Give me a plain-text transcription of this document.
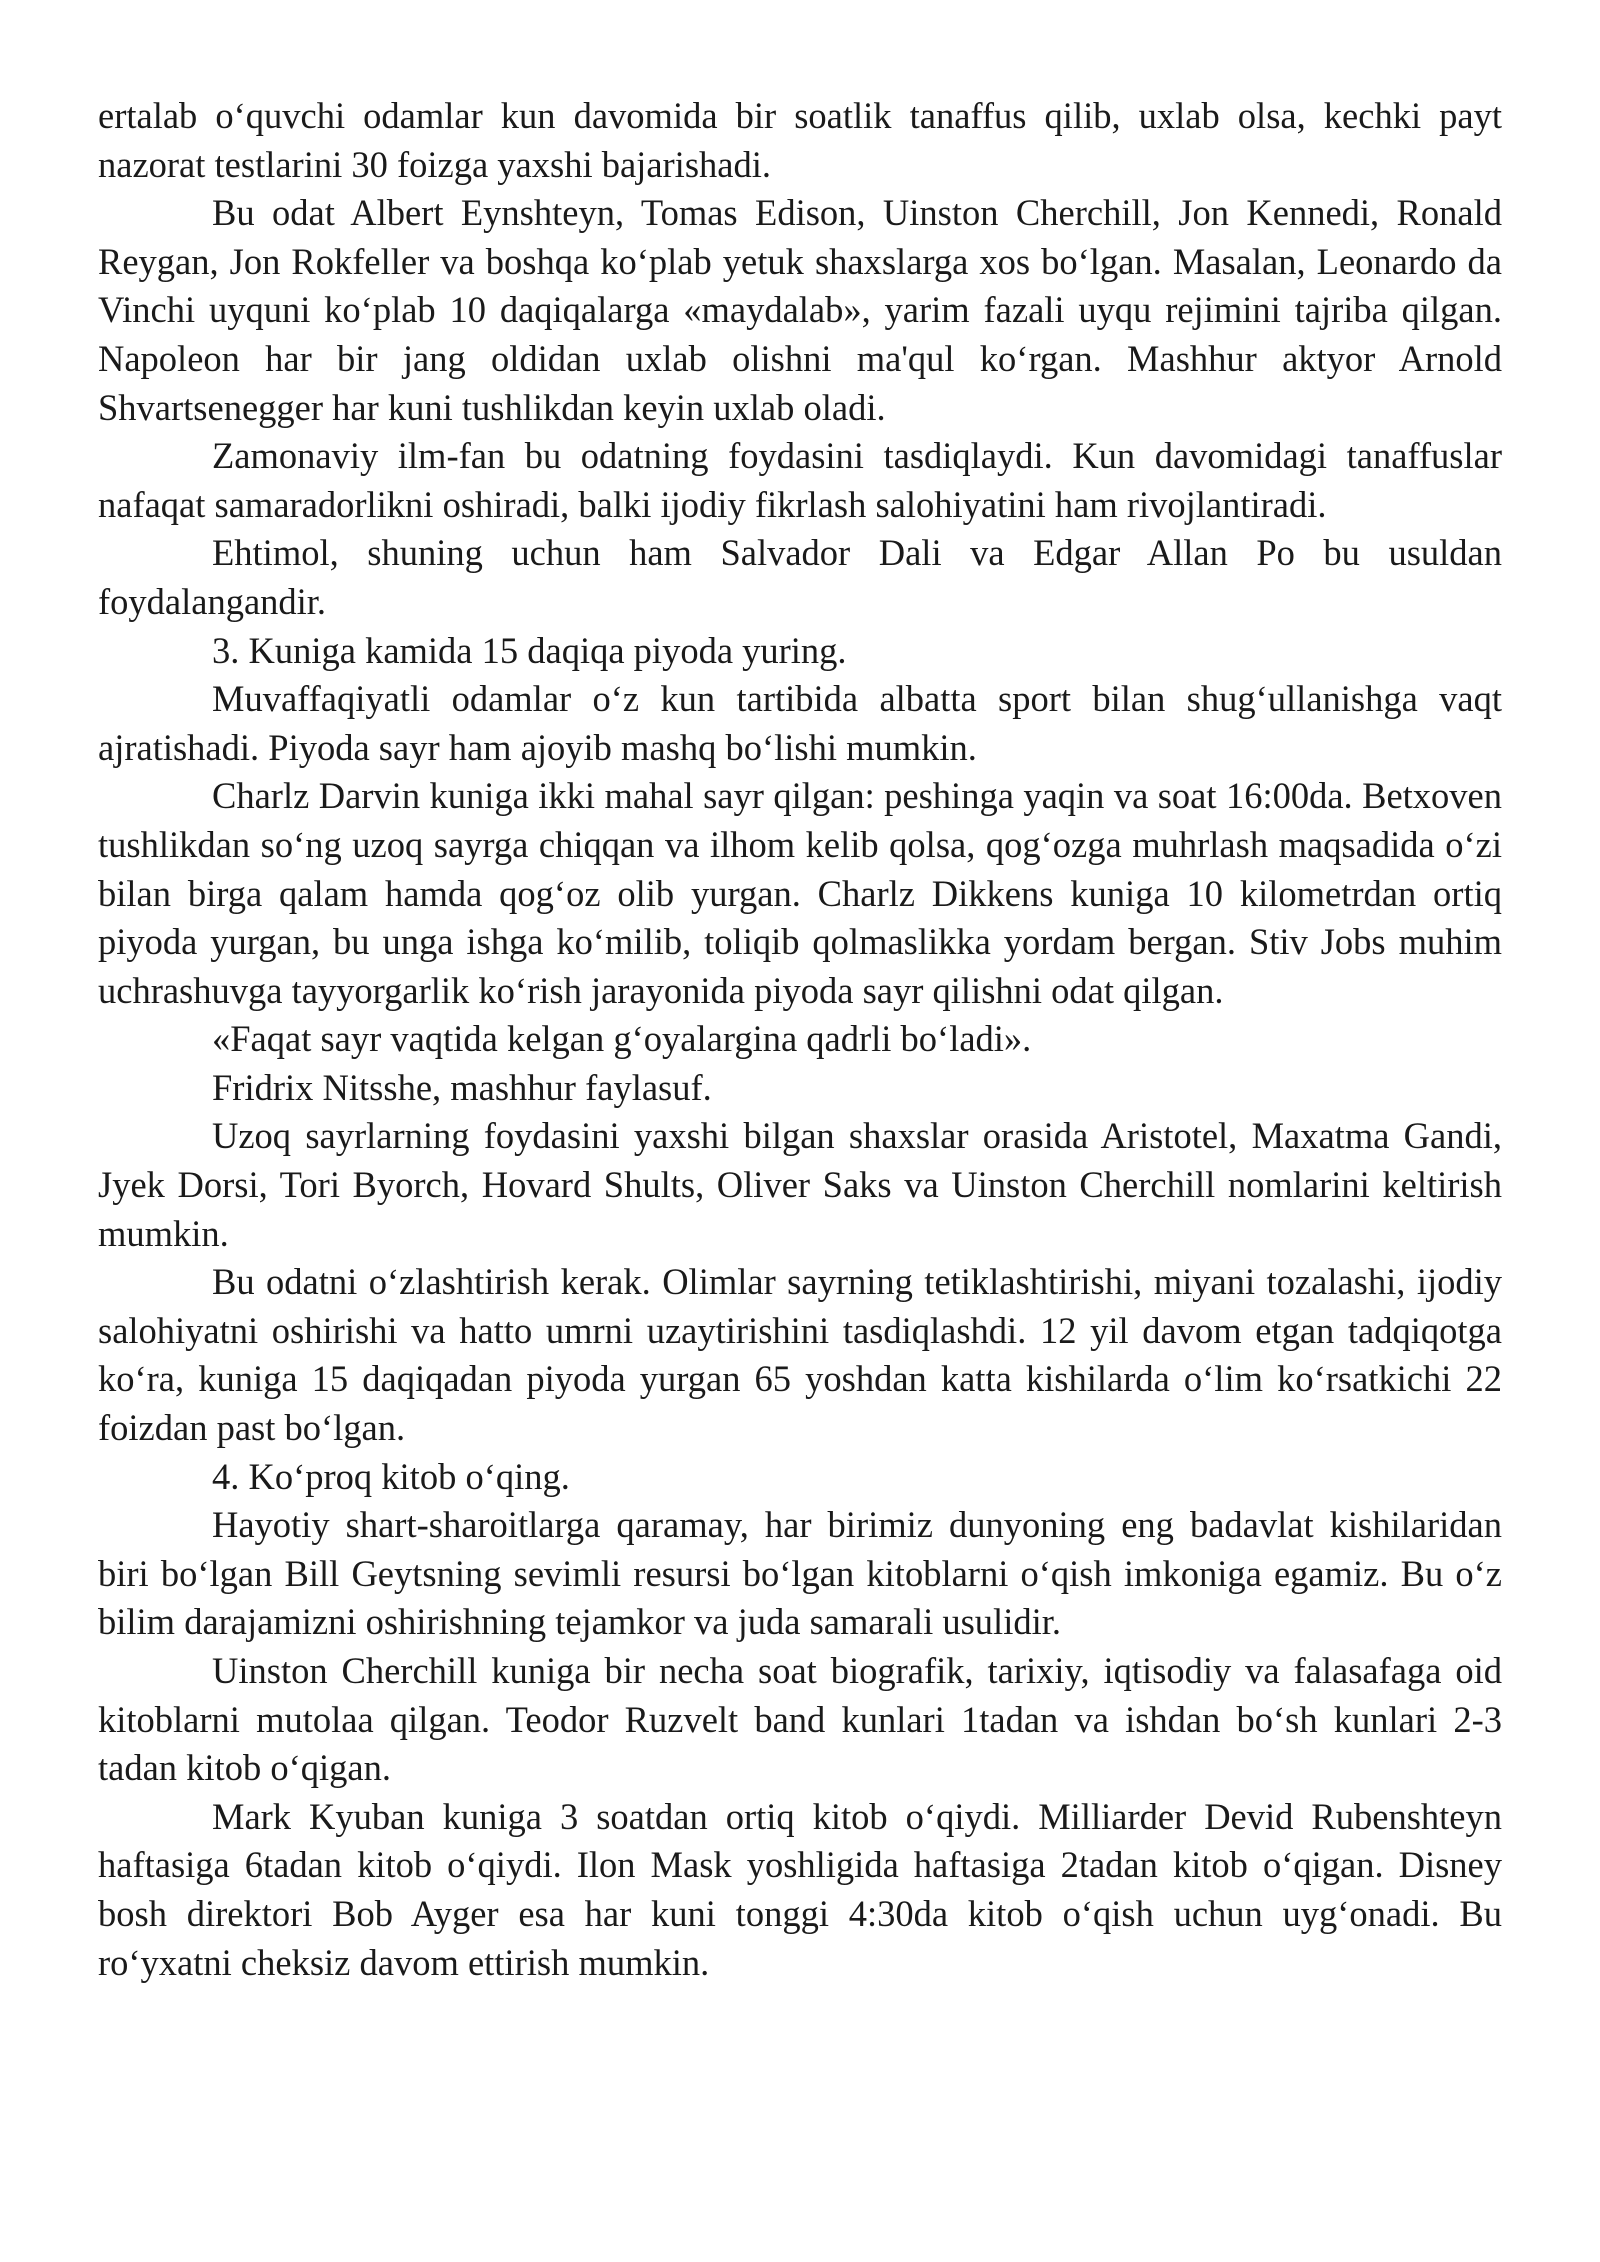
ertalab o‘quvchi odamlar kun davomida bir soatlik tanaffus qilib, uxlab olsa, kechki payt nazorat testlarini 30 foizga yaxshi bajarishadi.

Bu odat Albert Eynshteyn, Tomas Edison, Uinston Cherchill, Jon Kennedi, Ronald Reygan, Jon Rokfeller va boshqa ko‘plab yetuk shaxslarga xos bo‘lgan. Masalan, Leonardo da Vinchi uyquni ko‘plab 10 daqiqalarga «maydalab», yarim fazali uyqu rejimini tajriba qilgan. Napoleon har bir jang oldidan uxlab olishni ma'qul ko‘rgan. Mashhur aktyor Arnold Shvartsenegger har kuni tushlikdan keyin uxlab oladi.

Zamonaviy ilm-fan bu odatning foydasini tasdiqlaydi. Kun davomidagi tanaffuslar nafaqat samaradorlikni oshiradi, balki ijodiy fikrlash salohiyatini ham rivojlantiradi.

Ehtimol, shuning uchun ham Salvador Dali va Edgar Allan Po bu usuldan foydalangandir.

3. Kuniga kamida 15 daqiqa piyoda yuring.

Muvaffaqiyatli odamlar o‘z kun tartibida albatta sport bilan shug‘ullanishga vaqt ajratishadi. Piyoda sayr ham ajoyib mashq bo‘lishi mumkin.

Charlz Darvin kuniga ikki mahal sayr qilgan: peshinga yaqin va soat 16:00da. Betxoven tushlikdan so‘ng uzoq sayrga chiqqan va ilhom kelib qolsa, qog‘ozga muhrlash maqsadida o‘zi bilan birga qalam hamda qog‘oz olib yurgan. Charlz Dikkens kuniga 10 kilometrdan ortiq piyoda yurgan, bu unga ishga ko‘milib, toliqib qolmaslikka yordam bergan. Stiv Jobs muhim uchrashuvga tayyorgarlik ko‘rish jarayonida piyoda sayr qilishni odat qilgan.

«Faqat sayr vaqtida kelgan g‘oyalargina qadrli bo‘ladi».

Fridrix Nitsshe, mashhur faylasuf.

Uzoq sayrlarning foydasini yaxshi bilgan shaxslar orasida Aristotel, Maxatma Gandi, Jyek Dorsi, Tori Byorch, Hovard Shults, Oliver Saks va Uinston Cherchill nomlarini keltirish mumkin.

Bu odatni o‘zlashtirish kerak. Olimlar sayrning tetiklashtirishi, miyani tozalashi, ijodiy salohiyatni oshirishi va hatto umrni uzaytirishini tasdiqlashdi. 12 yil davom etgan tadqiqotga ko‘ra, kuniga 15 daqiqadan piyoda yurgan 65 yoshdan katta kishilarda o‘lim ko‘rsatkichi 22 foizdan past bo‘lgan.

4. Ko‘proq kitob o‘qing.

Hayotiy shart-sharoitlarga qaramay, har birimiz dunyoning eng badavlat kishilaridan biri bo‘lgan Bill Geytsning sevimli resursi bo‘lgan kitoblarni o‘qish imkoniga egamiz. Bu o‘z bilim darajamizni oshirishning tejamkor va juda samarali usulidir.

Uinston Cherchill kuniga bir necha soat biografik, tarixiy, iqtisodiy va falasafaga oid kitoblarni mutolaa qilgan. Teodor Ruzvelt band kunlari 1tadan va ishdan bo‘sh kunlari 2-3 tadan kitob o‘qigan.

Mark Kyuban kuniga 3 soatdan ortiq kitob o‘qiydi. Milliarder Devid Rubenshteyn haftasiga 6tadan kitob o‘qiydi. Ilon Mask yoshligida haftasiga 2tadan kitob o‘qigan. Disney bosh direktori Bob Ayger esa har kuni tonggi 4:30da kitob o‘qish uchun uyg‘onadi. Bu ro‘yxatni cheksiz davom ettirish mumkin.
